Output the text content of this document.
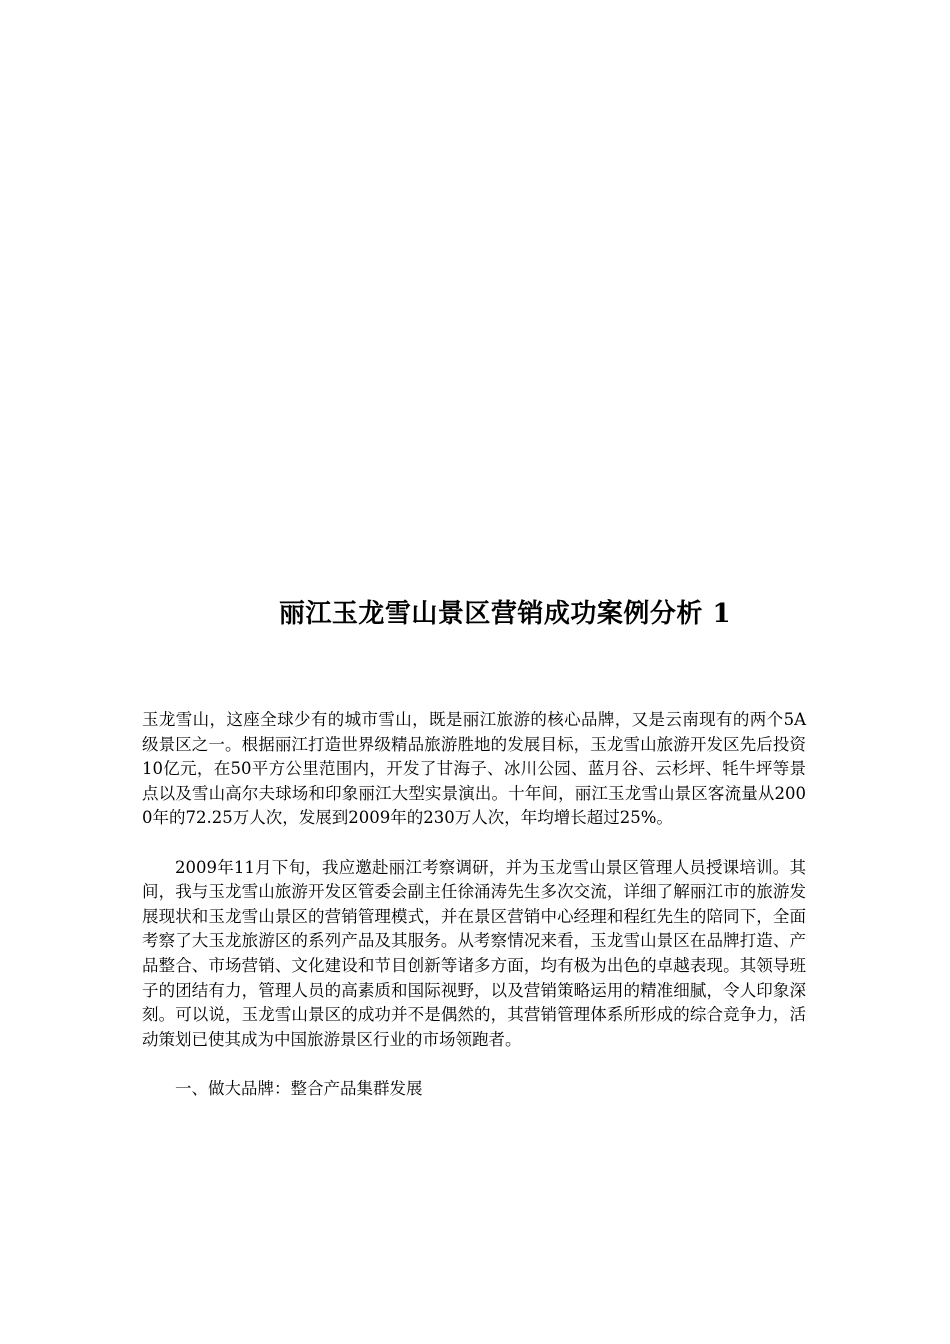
丽江玉龙雪山景区营销成功案例分析 1

玉龙雪山，这座全球少有的城市雪山，既是丽江旅游的核心品牌，又是云南现有的两个5A级景区之一。根据丽江打造世界级精品旅游胜地的发展目标，玉龙雪山旅游开发区先后投资10亿元，在50平方公里范围内，开发了甘海子、冰川公园、蓝月谷、云杉坪、牦牛坪等景点以及雪山高尔夫球场和印象丽江大型实景演出。十年间，丽江玉龙雪山景区客流量从2000年的72.25万人次，发展到2009年的230万人次，年均增长超过25%。

2009年11月下旬，我应邀赴丽江考察调研，并为玉龙雪山景区管理人员授课培训。其间，我与玉龙雪山旅游开发区管委会副主任徐涌涛先生多次交流，详细了解丽江市的旅游发展现状和玉龙雪山景区的营销管理模式，并在景区营销中心经理和程红先生的陪同下，全面考察了大玉龙旅游区的系列产品及其服务。从考察情况来看，玉龙雪山景区在品牌打造、产品整合、市场营销、文化建设和节目创新等诸多方面，均有极为出色的卓越表现。其领导班子的团结有力，管理人员的高素质和国际视野，以及营销策略运用的精准细腻，令人印象深刻。可以说，玉龙雪山景区的成功并不是偶然的，其营销管理体系所形成的综合竞争力，活动策划已使其成为中国旅游景区行业的市场领跑者。

一、做大品牌：整合产品集群发展
